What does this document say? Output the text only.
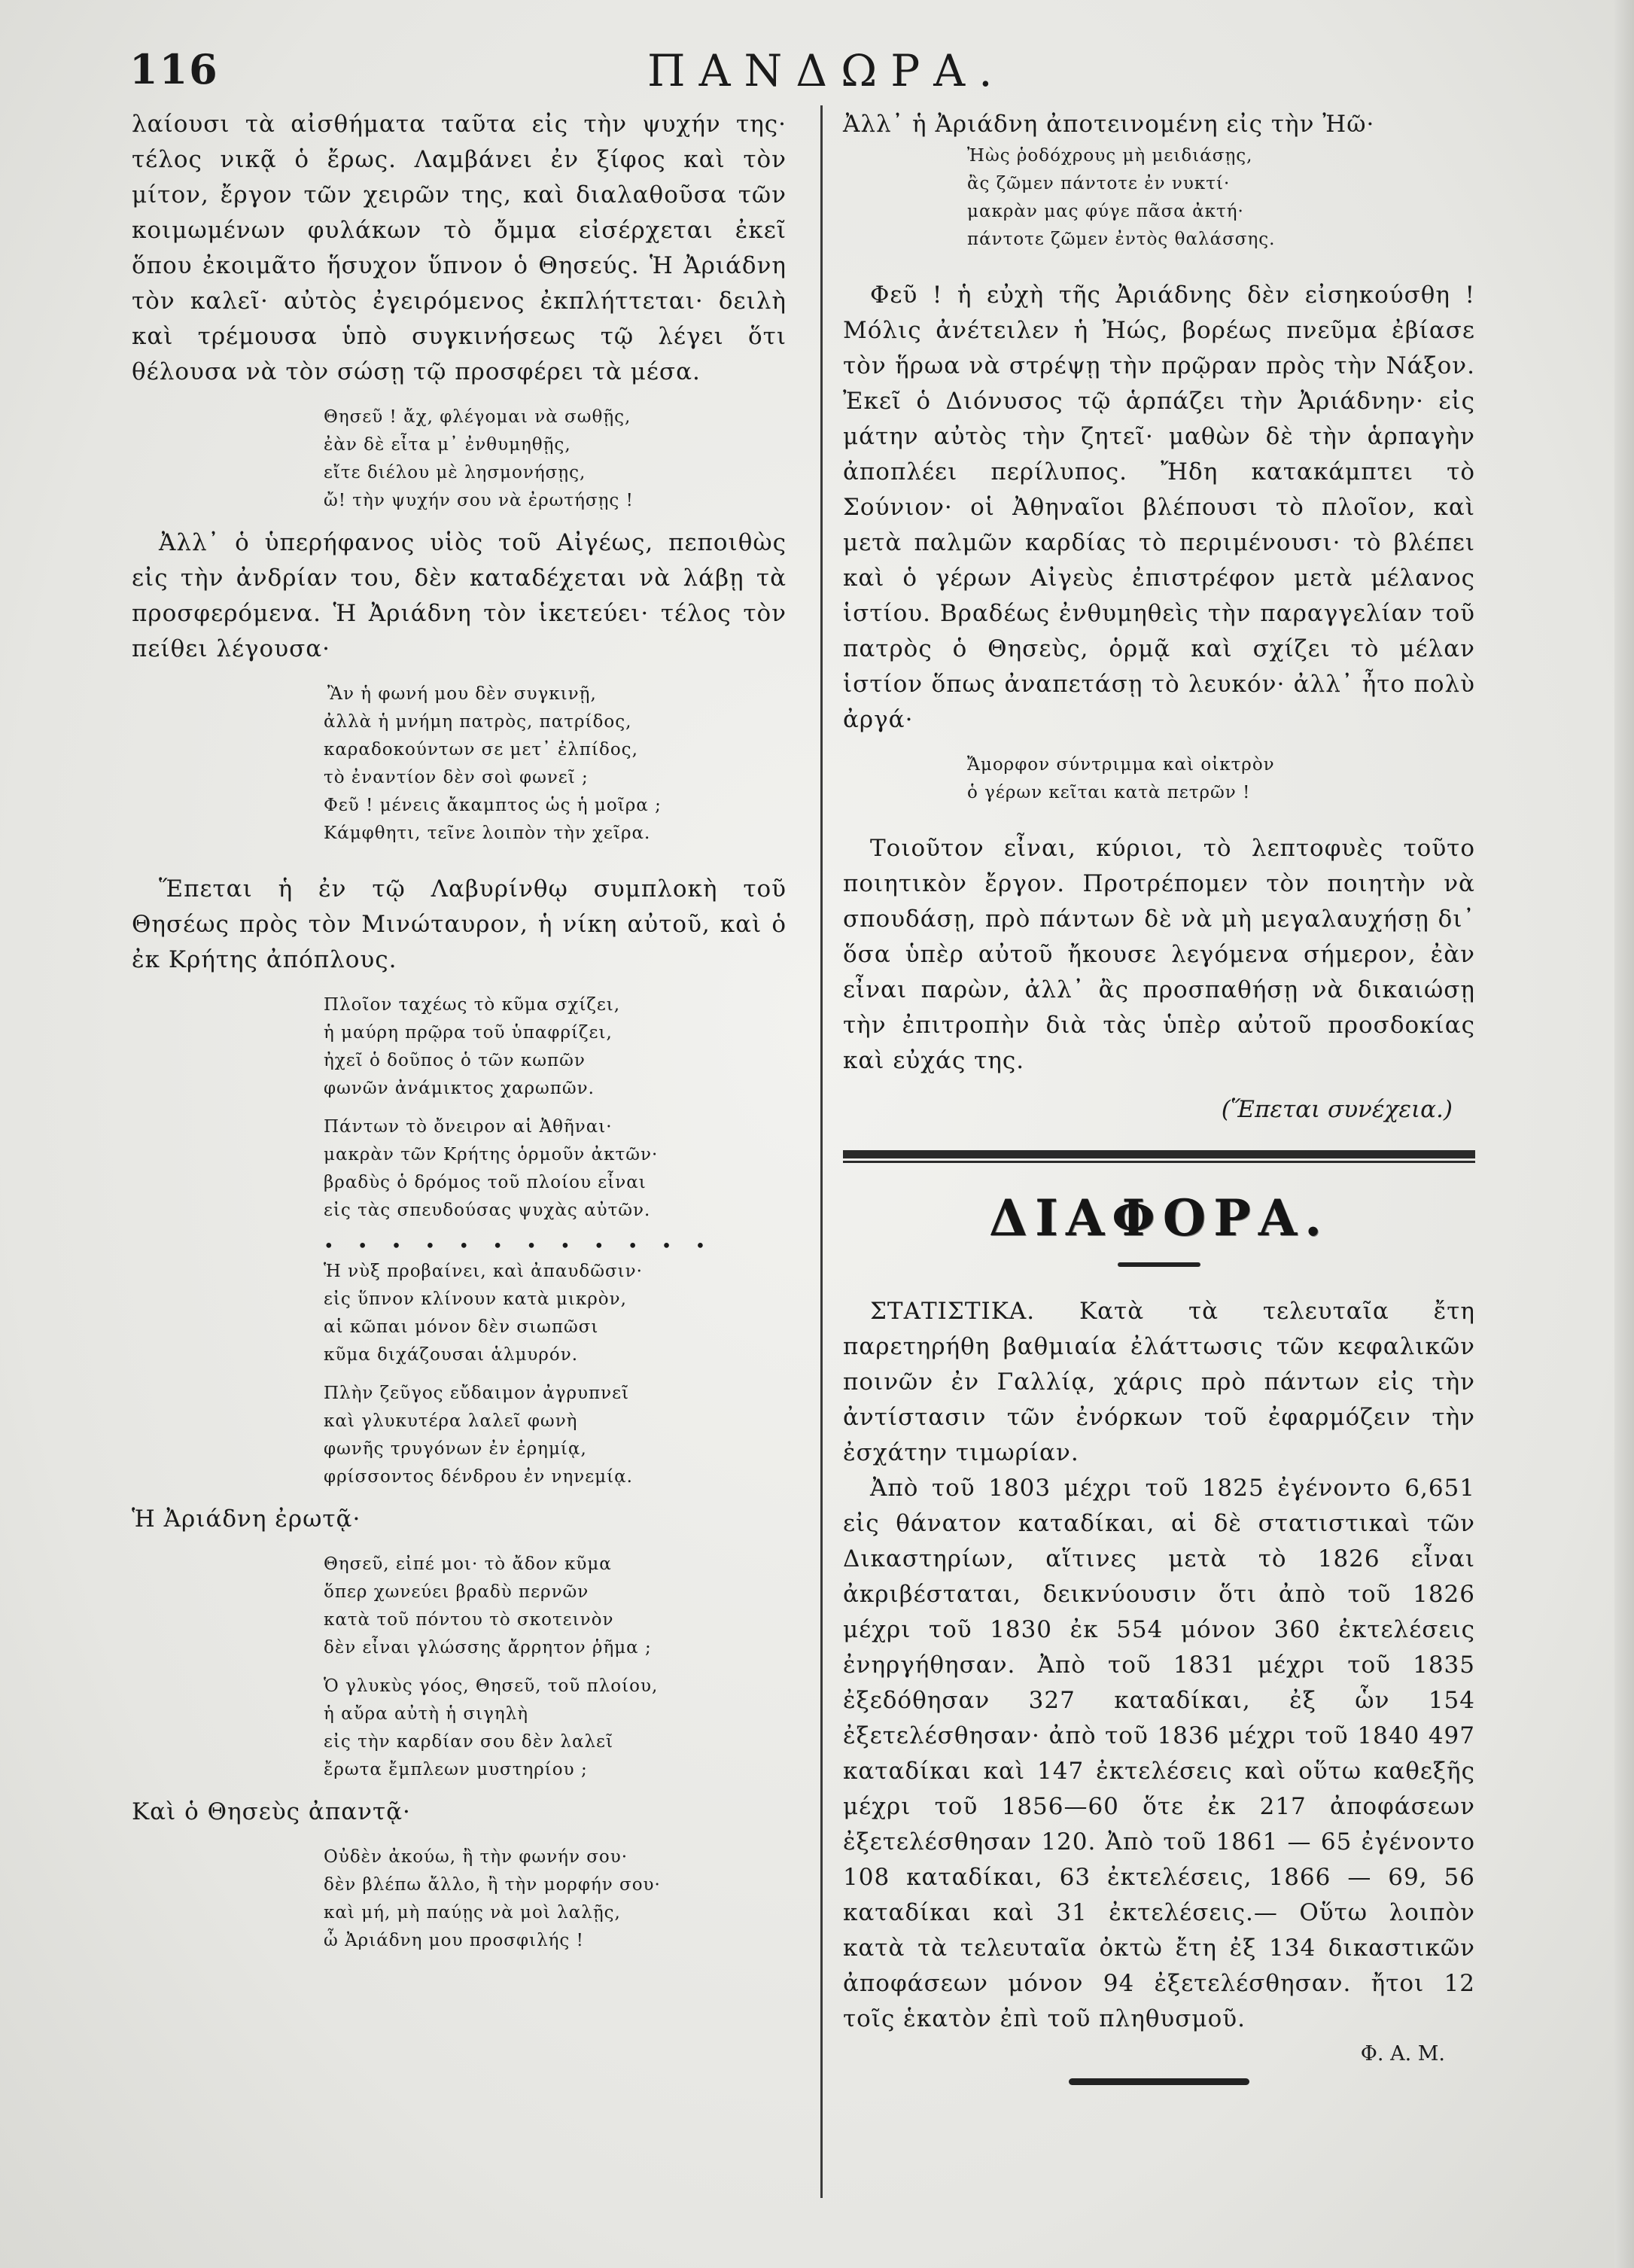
116	ΠΑΝΔΩΡΑ.

λαίουσι τὰ αἰσθήματα ταῦτα εἰς τὴν ψυχήν της· τέλος νικᾷ ὁ ἔρως. Λαμβάνει ἐν ξίφος καὶ τὸν μίτον, ἔργον τῶν χειρῶν της, καὶ διαλαθοῦσα τῶν κοιμωμένων φυλάκων τὸ ὄμμα εἰσέρχεται ἐκεῖ ὅπου ἐκοιμᾶτο ἥσυχον ὕπνον ὁ Θησεύς. Ἡ Ἀριάδνη τὸν καλεῖ· αὐτὸς ἐγειρόμενος ἐκπλήττεται· δειλὴ καὶ τρέμουσα ὑπὸ συγκινήσεως τῷ λέγει ὅτι θέλουσα νὰ τὸν σώσῃ τῷ προσφέρει τὰ μέσα.

Θησεῦ ! ἄχ, φλέγομαι νὰ σωθῇς,
ἐὰν δὲ εἶτα μ᾽ ἐνθυμηθῇς,
εἴτε διέλου μὲ λησμονήσῃς,
ὤ! τὴν ψυχήν σου νὰ ἐρωτήσῃς !

Ἀλλ᾽ ὁ ὑπερήφανος υἱὸς τοῦ Αἰγέως, πεποιθὼς εἰς τὴν ἀνδρίαν του, δὲν καταδέχεται νὰ λάβῃ τὰ προσφερόμενα. Ἡ Ἀριάδνη τὸν ἱκετεύει· τέλος τὸν πείθει λέγουσα·

Ἂν ἡ φωνή μου δὲν συγκινῇ,
ἀλλὰ ἡ μνήμη πατρὸς, πατρίδος,
καραδοκούντων σε μετ᾽ ἐλπίδος,
τὸ ἐναντίον δὲν σοὶ φωνεῖ ;
Φεῦ ! μένεις ἄκαμπτος ὡς ἡ μοῖρα ;
Κάμφθητι, τεῖνε λοιπὸν τὴν χεῖρα.

Ἕπεται ἡ ἐν τῷ Λαβυρίνθῳ συμπλοκὴ τοῦ Θησέως πρὸς τὸν Μινώταυρον, ἡ νίκη αὐτοῦ, καὶ ὁ ἐκ Κρήτης ἀπόπλους.

Πλοῖον ταχέως τὸ κῦμα σχίζει,
ἡ μαύρη πρῷρα τοῦ ὑπαφρίζει,
ἠχεῖ ὁ δοῦπος ὁ τῶν κωπῶν
φωνῶν ἀνάμικτος χαρωπῶν.
Πάντων τὸ ὄνειρον αἱ Ἀθῆναι·
μακρὰν τῶν Κρήτης ὁρμοῦν ἀκτῶν·
βραδὺς ὁ δρόμος τοῦ πλοίου εἶναι
εἰς τὰς σπευδούσας ψυχὰς αὐτῶν.
• • • • • • • • • • • •
Ἡ νὺξ προβαίνει, καὶ ἀπαυδῶσιν·
εἰς ὕπνον κλίνουν κατὰ μικρὸν,
αἱ κῶπαι μόνον δὲν σιωπῶσι
κῦμα διχάζουσαι ἁλμυρόν.
Πλὴν ζεῦγος εὔδαιμον ἀγρυπνεῖ
καὶ γλυκυτέρα λαλεῖ φωνὴ
φωνῆς τρυγόνων ἐν ἐρημίᾳ,
φρίσσοντος δένδρου ἐν νηνεμίᾳ.

Ἡ Ἀριάδνη ἐρωτᾷ·

Θησεῦ, εἰπέ μοι· τὸ ἄδον κῦμα
ὅπερ χωνεύει βραδὺ περνῶν
κατὰ τοῦ πόντου τὸ σκοτεινὸν
δὲν εἶναι γλώσσης ἄρρητον ῥῆμα ;
Ὁ γλυκὺς γόος, Θησεῦ, τοῦ πλοίου,
ἡ αὔρα αὐτὴ ἡ σιγηλὴ
εἰς τὴν καρδίαν σου δὲν λαλεῖ
ἔρωτα ἔμπλεων μυστηρίου ;

Καὶ ὁ Θησεὺς ἀπαντᾷ·

Οὐδὲν ἀκούω, ἢ τὴν φωνήν σου·
δὲν βλέπω ἄλλο, ἢ τὴν μορφήν σου·
καὶ μή, μὴ παύῃς νὰ μοὶ λαλῇς,
ὦ Ἀριάδνη μου προσφιλής !

Ἀλλ᾽ ἡ Ἀριάδνη ἀποτεινομένη εἰς τὴν Ἠῶ·

Ἠὼς ῥοδόχρους μὴ μειδιάσῃς,
ἂς ζῶμεν πάντοτε ἐν νυκτί·
μακρὰν μας φύγε πᾶσα ἀκτή·
πάντοτε ζῶμεν ἐντὸς θαλάσσης.

Φεῦ ! ἡ εὐχὴ τῆς Ἀριάδνης δὲν εἰσηκούσθη ! Μόλις ἀνέτειλεν ἡ Ἠώς, βορέως πνεῦμα ἐβίασε τὸν ἥρωα νὰ στρέψῃ τὴν πρῷραν πρὸς τὴν Νάξον. Ἐκεῖ ὁ Διόνυσος τῷ ἁρπάζει τὴν Ἀριάδνην· εἰς μάτην αὐτὸς τὴν ζητεῖ· μαθὼν δὲ τὴν ἁρπαγὴν ἀποπλέει περίλυπος. Ἤδη κατακάμπτει τὸ Σούνιον· οἱ Ἀθηναῖοι βλέπουσι τὸ πλοῖον, καὶ μετὰ παλμῶν καρδίας τὸ περιμένουσι· τὸ βλέπει καὶ ὁ γέρων Αἰγεὺς ἐπιστρέφον μετὰ μέλανος ἱστίου. Βραδέως ἐνθυμηθεὶς τὴν παραγγελίαν τοῦ πατρὸς ὁ Θησεὺς, ὁρμᾷ καὶ σχίζει τὸ μέλαν ἱστίον ὅπως ἀναπετάσῃ τὸ λευκόν· ἀλλ᾽ ἦτο πολὺ ἀργά·

Ἄμορφον σύντριμμα καὶ οἰκτρὸν
ὁ γέρων κεῖται κατὰ πετρῶν !

Τοιοῦτον εἶναι, κύριοι, τὸ λεπτοφυὲς τοῦτο ποιητικὸν ἔργον. Προτρέπομεν τὸν ποιητὴν νὰ σπουδάσῃ, πρὸ πάντων δὲ νὰ μὴ μεγαλαυχήσῃ δι᾽ ὅσα ὑπὲρ αὐτοῦ ἤκουσε λεγόμενα σήμερον, ἐὰν εἶναι παρὼν, ἀλλ᾽ ἂς προσπαθήσῃ νὰ δικαιώσῃ τὴν ἐπιτροπὴν διὰ τὰς ὑπὲρ αὐτοῦ προσδοκίας καὶ εὐχάς της.

(Ἕπεται συνέχεια.)

ΔΙΑΦΟΡΑ.

ΣΤΑΤΙΣΤΙΚΑ. Κατὰ τὰ τελευταῖα ἔτη παρετηρήθη βαθμιαία ἐλάττωσις τῶν κεφαλικῶν ποινῶν ἐν Γαλλίᾳ, χάρις πρὸ πάντων εἰς τὴν ἀντίστασιν τῶν ἐνόρκων τοῦ ἐφαρμόζειν τὴν ἐσχάτην τιμωρίαν.

Ἀπὸ τοῦ 1803 μέχρι τοῦ 1825 ἐγένοντο 6,651 εἰς θάνατον καταδίκαι, αἱ δὲ στατιστικαὶ τῶν Δικαστηρίων, αἵτινες μετὰ τὸ 1826 εἶναι ἀκριβέσταται, δεικνύουσιν ὅτι ἀπὸ τοῦ 1826 μέχρι τοῦ 1830 ἐκ 554 μόνον 360 ἐκτελέσεις ἐνηργήθησαν. Ἀπὸ τοῦ 1831 μέχρι τοῦ 1835 ἐξεδόθησαν 327 καταδίκαι, ἐξ ὧν 154 ἐξετελέσθησαν· ἀπὸ τοῦ 1836 μέχρι τοῦ 1840 497 καταδίκαι καὶ 147 ἐκτελέσεις καὶ οὕτω καθεξῆς μέχρι τοῦ 1856—60 ὅτε ἐκ 217 ἀποφάσεων ἐξετελέσθησαν 120. Ἀπὸ τοῦ 1861 — 65 ἐγένοντο 108 καταδίκαι, 63 ἐκτελέσεις, 1866 — 69, 56 καταδίκαι καὶ 31 ἐκτελέσεις.— Οὕτω λοιπὸν κατὰ τὰ τελευταῖα ὀκτὼ ἔτη ἐξ 134 δικαστικῶν ἀποφάσεων μόνον 94 ἐξετελέσθησαν. ἤτοι 12 τοῖς ἑκατὸν ἐπὶ τοῦ πληθυσμοῦ.

Φ. Α. Μ.
